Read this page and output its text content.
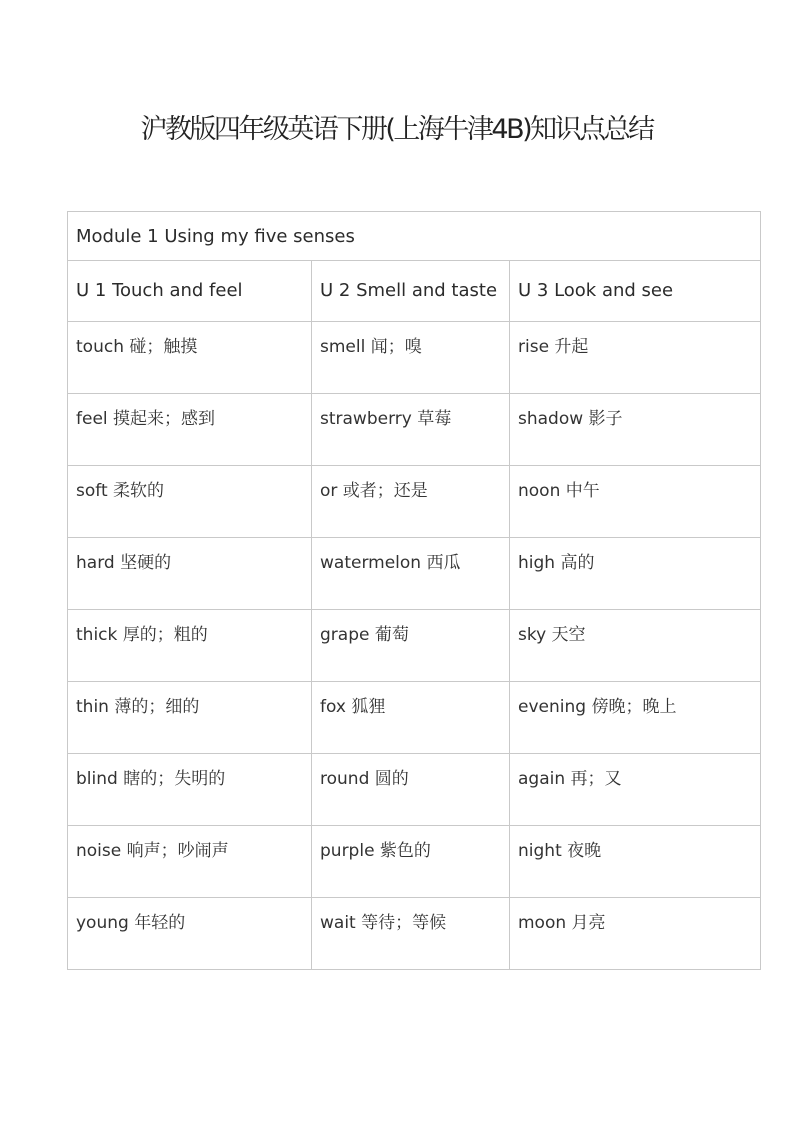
沪教版四年级英语下册(上海牛津4B)知识点总结
Module 1 Using my five senses		
U 1 Touch and feel	U 2 Smell and taste	U 3 Look and see
touch 碰；触摸	smell 闻；嗅	rise 升起
feel 摸起来；感到	strawberry 草莓	shadow 影子
soft 柔软的	or 或者；还是	noon 中午
hard 坚硬的	watermelon 西瓜	high 高的
thick 厚的；粗的	grape 葡萄	sky 天空
thin 薄的；细的	fox 狐狸	evening 傍晚；晚上
blind 瞎的；失明的	round 圆的	again 再；又
noise 响声；吵闹声	purple 紫色的	night 夜晚
young 年轻的	wait 等待；等候	moon 月亮
